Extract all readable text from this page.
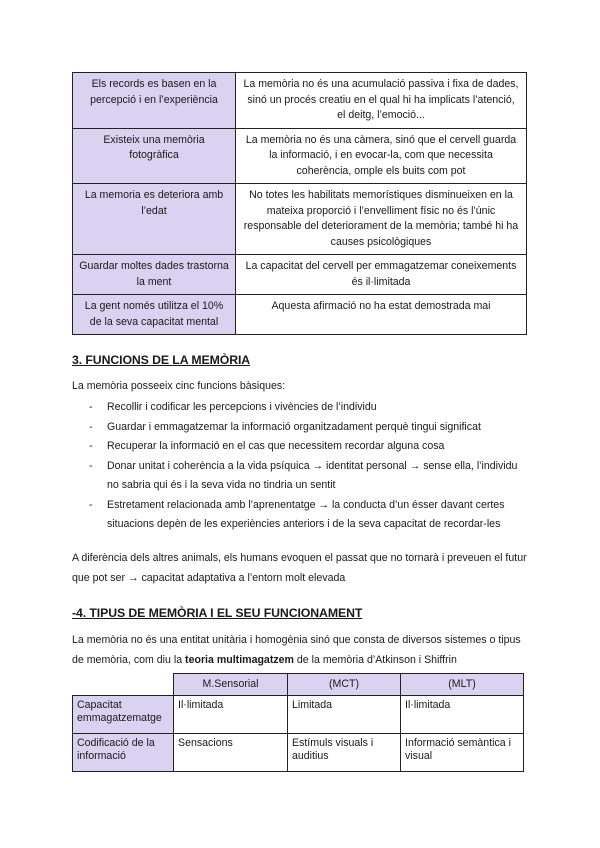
Els records es basen en la percepció i en l’experiència	La memòria no és una acumulació passiva i fixa de dades, sinó un procés creatiu en el qual hi ha implicats l’atenció, el deitg, l’emoció...
Existeix una memòria fotogràfica	La memòria no és una càmera, sinó que el cervell guarda la informació, i en evocar-la, com que necessita coherència, omple els buits com pot
La memoria es deteriora amb l’edat	No totes les habilitats memorístiques disminueixen en la mateixa proporció i l’envelliment físic no és l’únic responsable del deteriorament de la memòria; també hi ha causes psicològiques
Guardar moltes dades trastorna la ment	La capacitat del cervell per emmagatzemar coneixements és il·limitada
La gent només utilitza el 10% de la seva capacitat mental	Aquesta afirmació no ha estat demostrada mai
3. FUNCIONS DE LA MEMÒRIA
La memòria posseeix cinc funcions bàsiques:
- Recollir i codificar les percepcions i vivències de l’individu
- Guardar i emmagatzemar la informació organitzadament perquè tingui significat
- Recuperar la informació en el cas que necessitem recordar alguna cosa
- Donar unitat i coherència a la vida psíquica → identitat personal → sense ella, l’individu no sabria qui és i la seva vida no tindria un sentit
- Estretament relacionada amb l’aprenentatge → la conducta d’un ésser davant certes situacions depèn de les experiències anteriors i de la seva capacitat de recordar-les
A diferència dels altres animals, els humans evoquen el passat que no tornarà i preveuen el futur que pot ser → capacitat adaptativa a l’entorn molt elevada
-4. TIPUS DE MEMÒRIA I EL SEU FUNCIONAMENT
La memòria no és una entitat unitària i homogènia sinó que consta de diversos sistemes o tipus de memòria, com diu la teoria multimagatzem de la memòria d’Atkinson i Shiffrin
	M.Sensorial	(MCT)	(MLT)
Capacitat emmagatzematge	Il·limitada	Limitada	Il·limitada
Codificació de la informació	Sensacions	Estímuls visuals i auditius	Informació semàntica i visual
